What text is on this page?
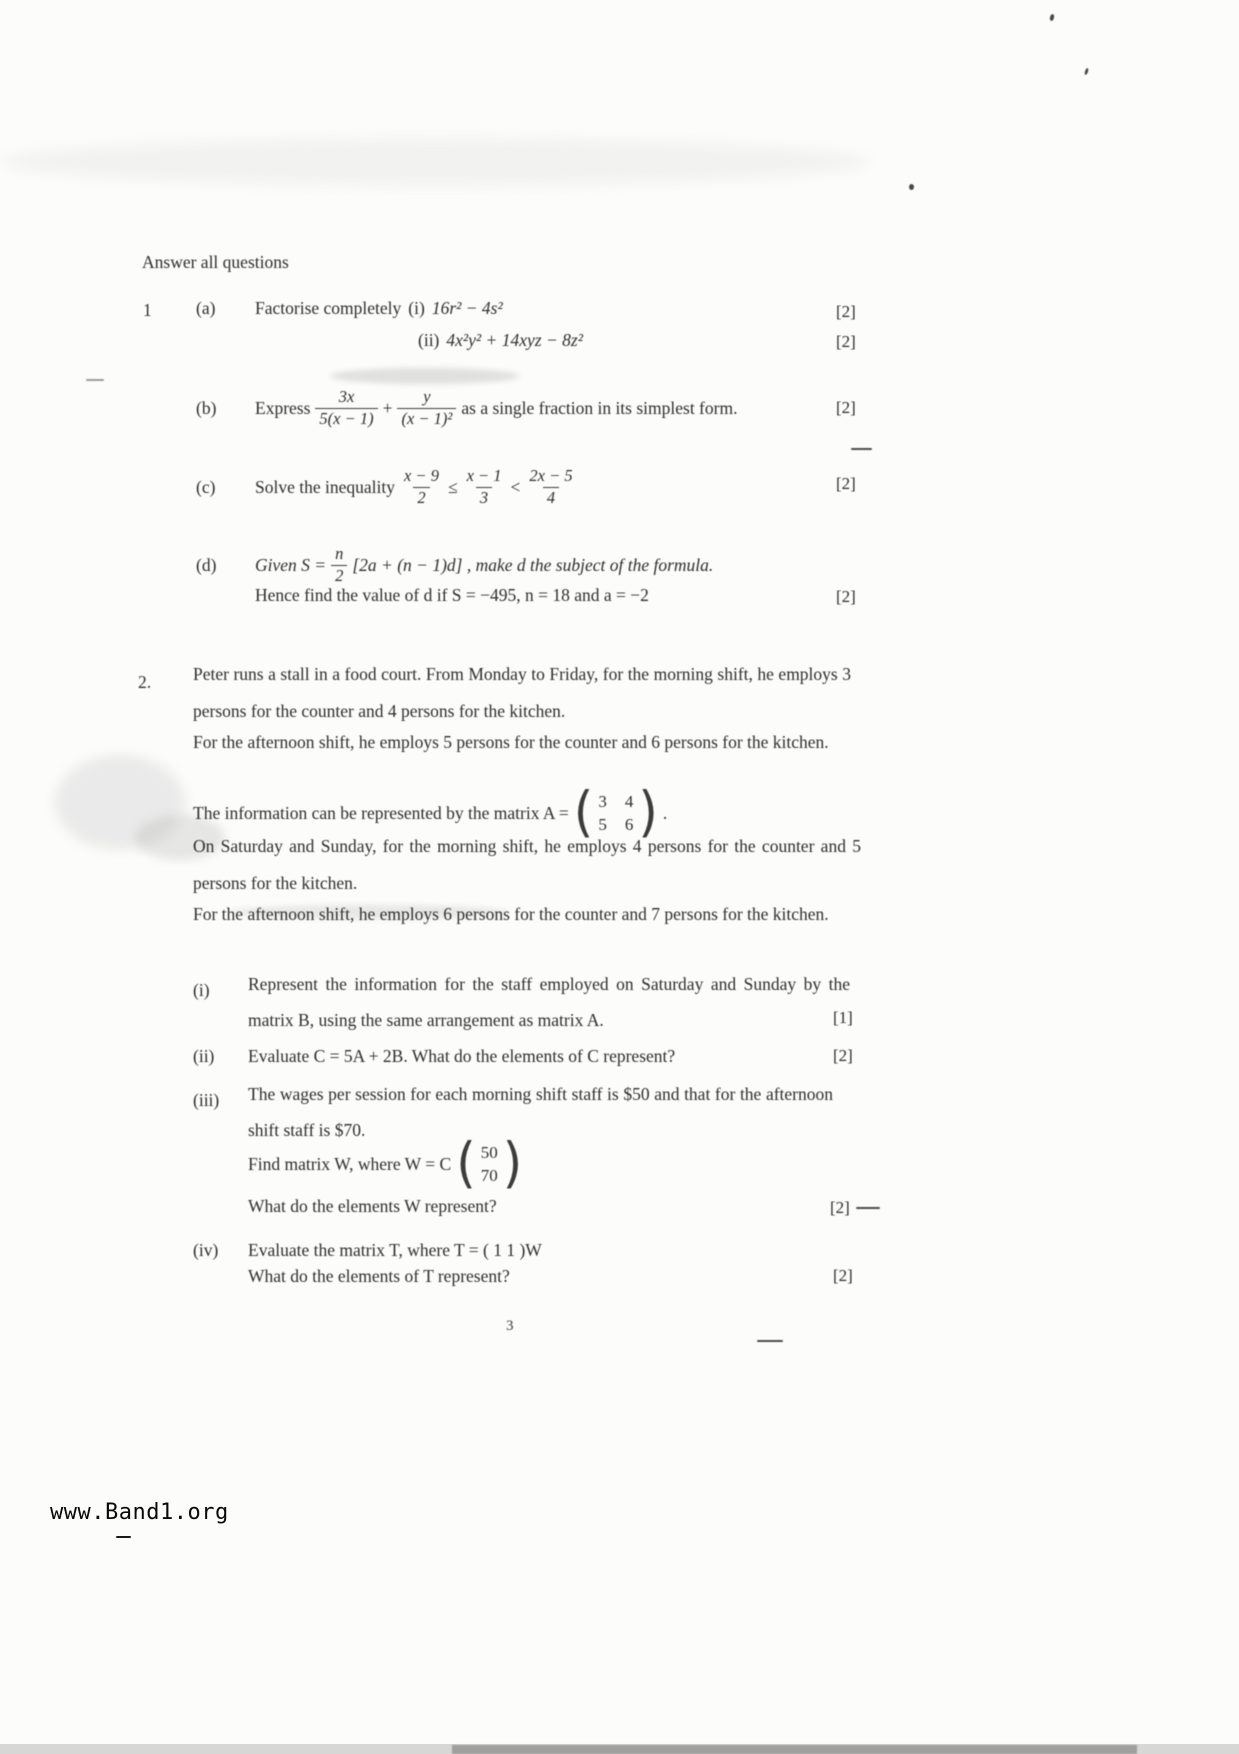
Answer all questions
1	(a)	Factorise completely (i) 16r² − 4s²	[2]
(ii) 4x²y² + 14xyz − 8z²	[2]
(b)	Express $\frac{3x}{5(x - 1)} + \frac{y}{\text{(x − 1)²}}$ as a single fraction in its simplest form.	[2]
(c)	Solve the inequality $\frac{x - 9}{2} \le \frac{x - 1}{3} < \frac{2x - 5}{4}$	[2]
(d)	Given $S = \frac{n}{2} [2a + (n - 1)d]$ , make d the subject of the formula.
Hence find the value of d if S = −495, n = 18 and a = −2	[2]
2. Peter runs a stall in a food court. From Monday to Friday, for the morning shift, he employs 3 persons for the counter and 4 persons for the kitchen.
For the afternoon shift, he employs 5 persons for the counter and 6 persons for the kitchen.
The information can be represented by the matrix A =
(
3 4
5 6
)
.
On Saturday and Sunday, for the morning shift, he employs 4 persons for the counter and 5 persons for the kitchen.
For the afternoon shift, he employs 6 persons for the counter and 7 persons for the kitchen.
(i) Represent the information for the staff employed on Saturday and Sunday by the matrix B, using the same arrangement as matrix A.	[1]
(ii) Evaluate C = 5A + 2B. What do the elements of C represent?	[2]
(iii) The wages per session for each morning shift staff is $50 and that for the afternoon shift staff is $70.
Find matrix W, where W = C
(
50
70
)
What do the elements W represent?	[2]
(iv) Evaluate the matrix T, where T = ( 1 1 )W
What do the elements of T represent?	[2]
3
www.Band1.org
